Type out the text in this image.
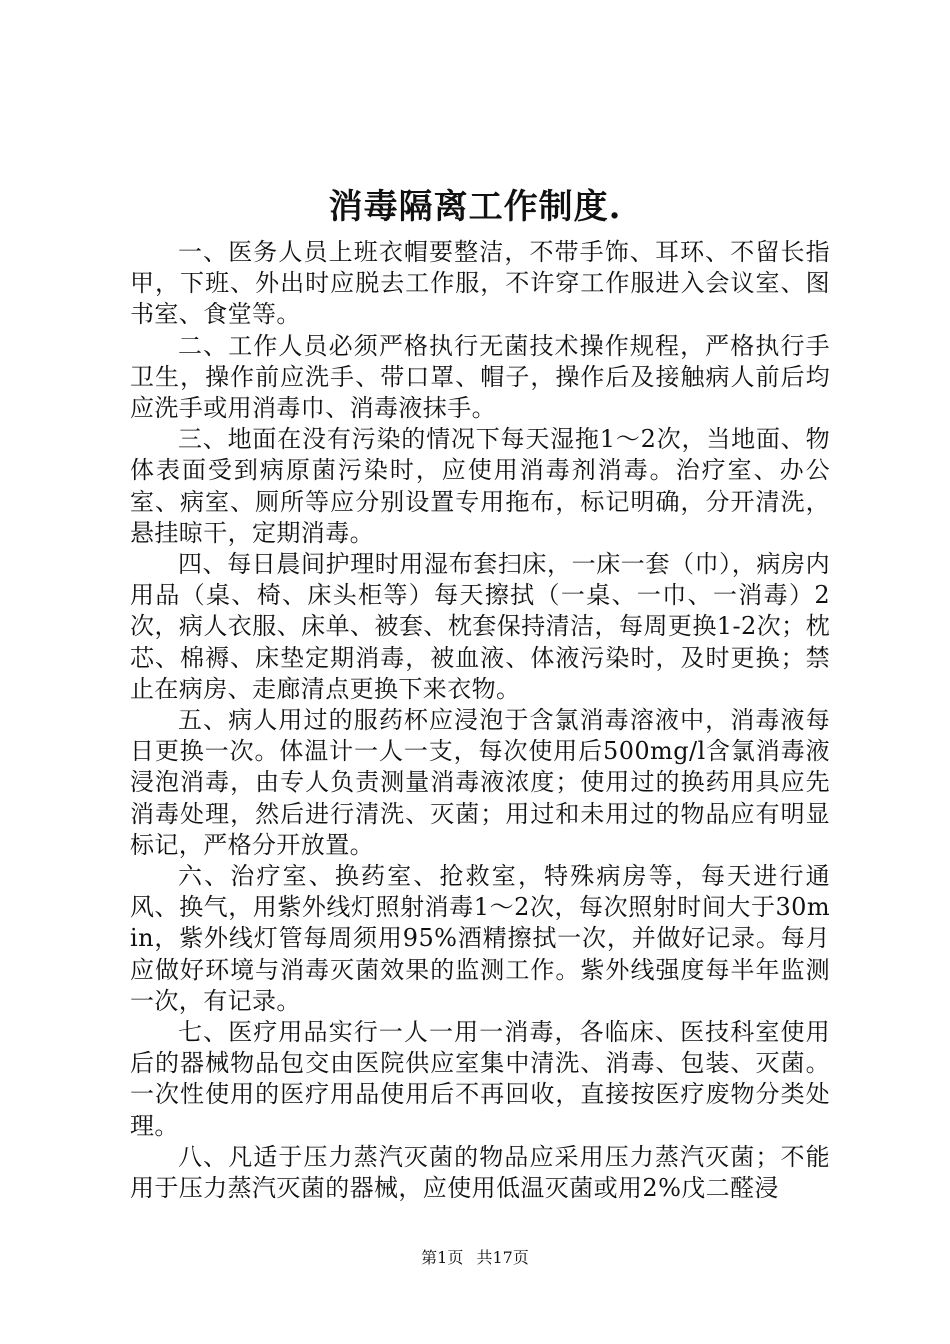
消毒隔离工作制度.

一、医务人员上班衣帽要整洁，不带手饰、耳环、不留长指甲，下班、外出时应脱去工作服，不许穿工作服进入会议室、图书室、食堂等。

二、工作人员必须严格执行无菌技术操作规程，严格执行手卫生，操作前应洗手、带口罩、帽子，操作后及接触病人前后均应洗手或用消毒巾、消毒液抹手。

三、地面在没有污染的情况下每天湿拖1～2次，当地面、物体表面受到病原菌污染时，应使用消毒剂消毒。治疗室、办公室、病室、厕所等应分别设置专用拖布，标记明确，分开清洗，悬挂晾干，定期消毒。

四、每日晨间护理时用湿布套扫床，一床一套（巾），病房内用品（桌、椅、床头柜等）每天擦拭（一桌、一巾、一消毒）2次，病人衣服、床单、被套、枕套保持清洁，每周更换1-2次；枕芯、棉褥、床垫定期消毒，被血液、体液污染时，及时更换；禁止在病房、走廊清点更换下来衣物。

五、病人用过的服药杯应浸泡于含氯消毒溶液中，消毒液每日更换一次。体温计一人一支，每次使用后500mg/l含氯消毒液浸泡消毒，由专人负责测量消毒液浓度；使用过的换药用具应先消毒处理，然后进行清洗、灭菌；用过和未用过的物品应有明显标记，严格分开放置。

六、治疗室、换药室、抢救室，特殊病房等，每天进行通风、换气，用紫外线灯照射消毒1～2次，每次照射时间大于30min，紫外线灯管每周须用95%酒精擦拭一次，并做好记录。每月应做好环境与消毒灭菌效果的监测工作。紫外线强度每半年监测一次，有记录。

七、医疗用品实行一人一用一消毒，各临床、医技科室使用后的器械物品包交由医院供应室集中清洗、消毒、包装、灭菌。一次性使用的医疗用品使用后不再回收，直接按医疗废物分类处理。

八、凡适于压力蒸汽灭菌的物品应采用压力蒸汽灭菌；不能用于压力蒸汽灭菌的器械，应使用低温灭菌或用2%戊二醛浸

第1页 共17页
